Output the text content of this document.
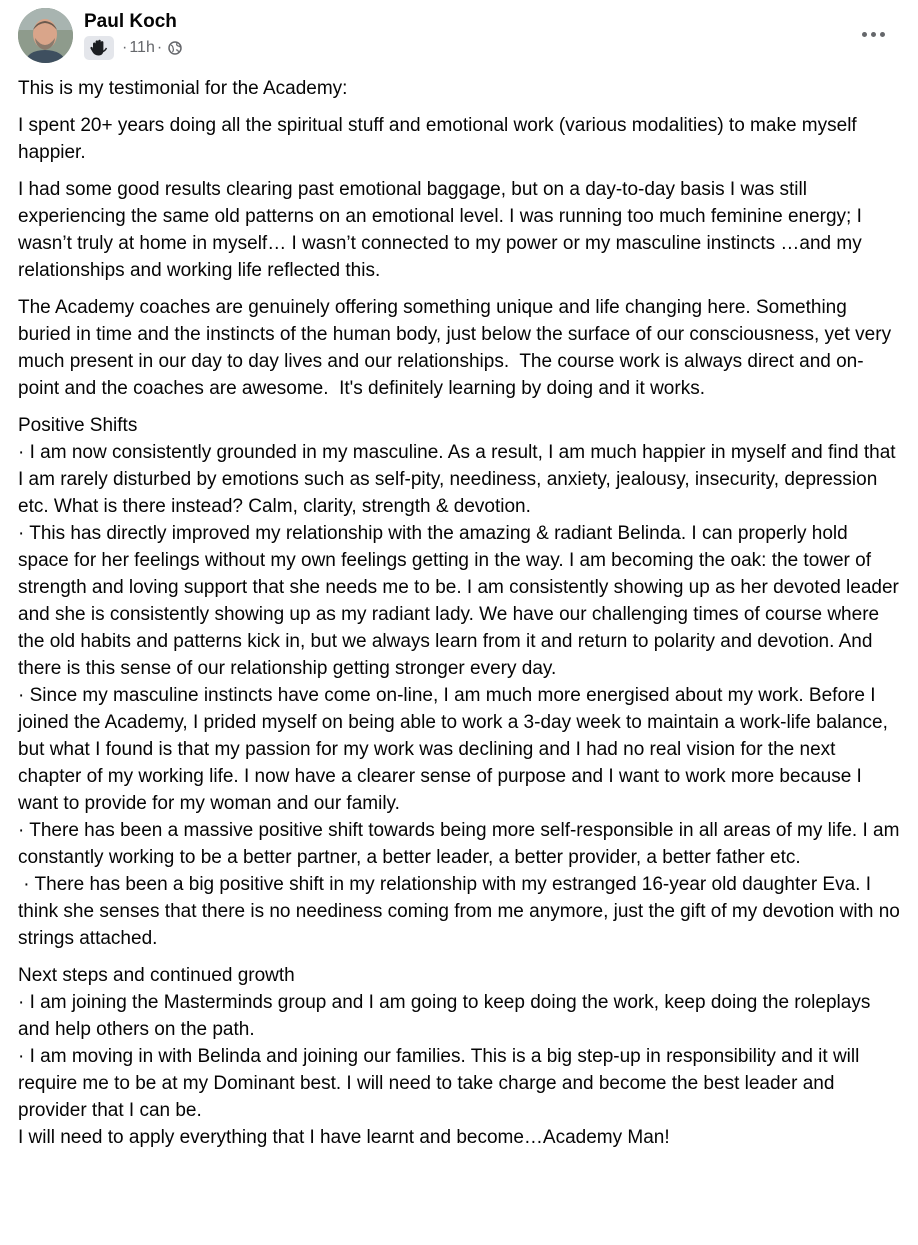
Paul Koch
· 11h ·

This is my testimonial for the Academy:

I spent 20+ years doing all the spiritual stuff and emotional work (various modalities) to make myself happier.

I had some good results clearing past emotional baggage, but on a day-to-day basis I was still experiencing the same old patterns on an emotional level. I was running too much feminine energy; I wasn’t truly at home in myself… I wasn’t connected to my power or my masculine instincts …and my relationships and working life reflected this.

The Academy coaches are genuinely offering something unique and life changing here. Something buried in time and the instincts of the human body, just below the surface of our consciousness, yet very much present in our day to day lives and our relationships.  The course work is always direct and on-point and the coaches are awesome.  It's definitely learning by doing and it works.

Positive Shifts
· I am now consistently grounded in my masculine. As a result, I am much happier in myself and find that I am rarely disturbed by emotions such as self-pity, neediness, anxiety, jealousy, insecurity, depression etc. What is there instead? Calm, clarity, strength & devotion.
· This has directly improved my relationship with the amazing & radiant Belinda. I can properly hold space for her feelings without my own feelings getting in the way. I am becoming the oak: the tower of strength and loving support that she needs me to be. I am consistently showing up as her devoted leader and she is consistently showing up as my radiant lady. We have our challenging times of course where the old habits and patterns kick in, but we always learn from it and return to polarity and devotion. And there is this sense of our relationship getting stronger every day.
· Since my masculine instincts have come on-line, I am much more energised about my work. Before I joined the Academy, I prided myself on being able to work a 3-day week to maintain a work-life balance, but what I found is that my passion for my work was declining and I had no real vision for the next chapter of my working life. I now have a clearer sense of purpose and I want to work more because I want to provide for my woman and our family.
· There has been a massive positive shift towards being more self-responsible in all areas of my life. I am constantly working to be a better partner, a better leader, a better provider, a better father etc.
· There has been a big positive shift in my relationship with my estranged 16-year old daughter Eva. I think she senses that there is no neediness coming from me anymore, just the gift of my devotion with no strings attached.

Next steps and continued growth
· I am joining the Masterminds group and I am going to keep doing the work, keep doing the roleplays and help others on the path.
· I am moving in with Belinda and joining our families. This is a big step-up in responsibility and it will require me to be at my Dominant best. I will need to take charge and become the best leader and provider that I can be.
I will need to apply everything that I have learnt and become…Academy Man!
